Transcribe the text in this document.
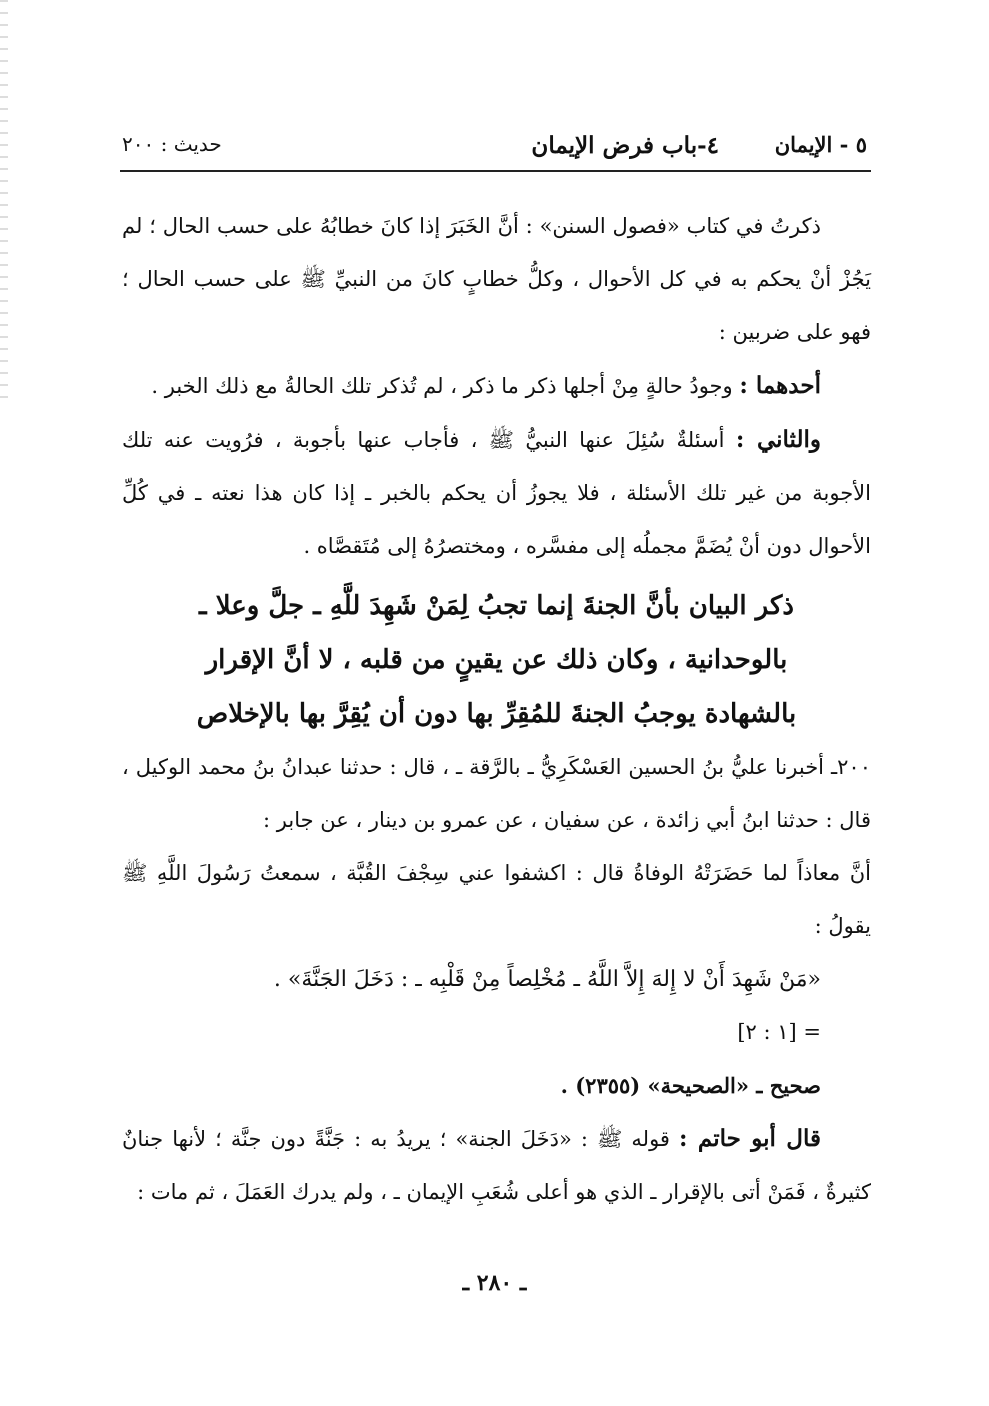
٥ - الإيمان
٤-باب فرض الإيمان
حديث : ٢٠٠

ذكرتُ في كتاب «فصول السنن» : أنَّ الخَبَرَ إذا كانَ خطابُهُ على حسب الحال ؛ لم يَجُزْ أنْ يحكم به في كل الأحوال ، وكلُّ خطابٍ كانَ من النبيِّ ﷺ على حسب الحال ؛ فهو على ضربين :

أحدهما : وجودُ حالةٍ مِنْ أجلها ذكر ما ذكر ، لم تُذكر تلك الحالةُ مع ذلك الخبر .

والثاني : أسئلةٌ سُئِلَ عنها النبيُّ ﷺ ، فأجاب عنها بأجوبة ، فرُويت عنه تلك الأجوبة من غير تلك الأسئلة ، فلا يجوزُ أن يحكم بالخبر ـ إذا كان هذا نعته ـ في كُلِّ الأحوال دون أنْ يُضَمَّ مجملُه إلى مفسَّره ، ومختصرُهُ إلى مُتَقصَّاه .

ذكر البيان بأنَّ الجنةَ إنما تجبُ لِمَنْ شَهِدَ للَّهِ ـ جلَّ وعلا ـ

بالوحدانية ، وكان ذلك عن يقينٍ من قلبه ، لا أنَّ الإقرار

بالشهادة يوجبُ الجنةَ للمُقِرِّ بها دون أن يُقِرَّ بها بالإخلاص

٢٠٠ـ أخبرنا عليُّ بنُ الحسين العَسْكَرِيُّ ـ بالرَّقة ـ ، قال : حدثنا عبدانُ بنُ محمد الوكيل ، قال : حدثنا ابنُ أبي زائدة ، عن سفيان ، عن عمرو بن دينار ، عن جابر :

أنَّ معاذاً لما حَضَرَتْهُ الوفاةُ قال : اكشفوا عني سِجْفَ القُبَّة ، سمعتُ رَسُولَ اللَّهِ ﷺ يقولُ :

«مَنْ شَهِدَ أَنْ لا إِلهَ إِلاَّ اللَّهُ ـ مُخْلِصاً مِنْ قَلْبِه ـ : دَخَلَ الجَنَّةَ» .

= [١ : ٢]

صحيح ـ «الصحيحة» (٢٣٥٥) .

قال أبو حاتم : قوله ﷺ : «دَخَلَ الجنة» ؛ يريدُ به : جَنَّةً دون جنَّة ؛ لأنها جنانٌ كثيرةٌ ، فَمَنْ أتى بالإقرار ـ الذي هو أعلى شُعَبِ الإيمان ـ ، ولم يدرك العَمَلَ ، ثم مات :

ـ ٢٨٠ ـ
